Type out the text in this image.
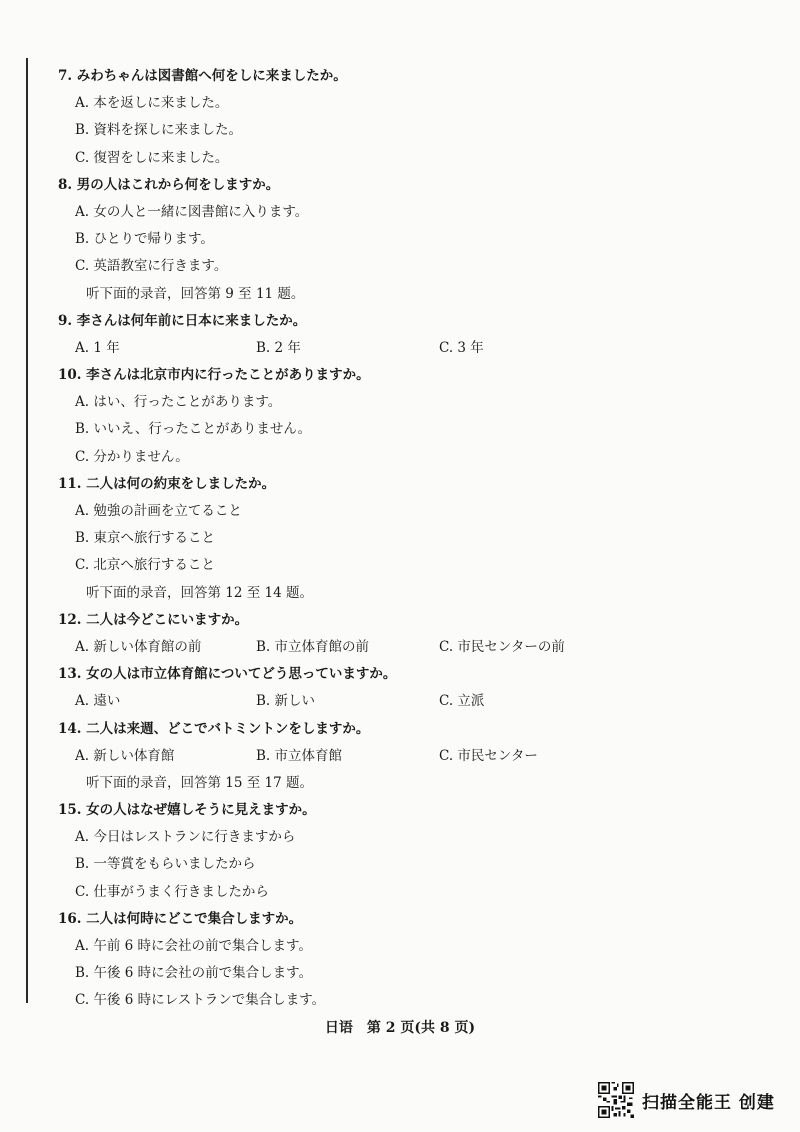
7. みわちゃんは図書館へ何をしに来ましたか。
A. 本を返しに来ました。
B. 資料を探しに来ました。
C. 復習をしに来ました。
8. 男の人はこれから何をしますか。
A. 女の人と一緒に図書館に入ります。
B. ひとりで帰ります。
C. 英語教室に行きます。
听下面的录音，回答第 9 至 11 题。
9. 李さんは何年前に日本に来ましたか。
A. 1 年	B. 2 年	C. 3 年
10. 李さんは北京市内に行ったことがありますか。
A. はい、行ったことがあります。
B. いいえ、行ったことがありません。
C. 分かりません。
11. 二人は何の約束をしましたか。
A. 勉強の計画を立てること
B. 東京へ旅行すること
C. 北京へ旅行すること
听下面的录音，回答第 12 至 14 题。
12. 二人は今どこにいますか。
A. 新しい体育館の前	B. 市立体育館の前	C. 市民センターの前
13. 女の人は市立体育館についてどう思っていますか。
A. 遠い	B. 新しい	C. 立派
14. 二人は来週、どこでバトミントンをしますか。
A. 新しい体育館	B. 市立体育館	C. 市民センター
听下面的录音，回答第 15 至 17 题。
15. 女の人はなぜ嬉しそうに見えますか。
A. 今日はレストランに行きますから
B. 一等賞をもらいましたから
C. 仕事がうまく行きましたから
16. 二人は何時にどこで集合しますか。
A. 午前 6 時に会社の前で集合します。
B. 午後 6 時に会社の前で集合します。
C. 午後 6 時にレストランで集合します。
日语　第 2 页(共 8 页)
扫描全能王 创建
